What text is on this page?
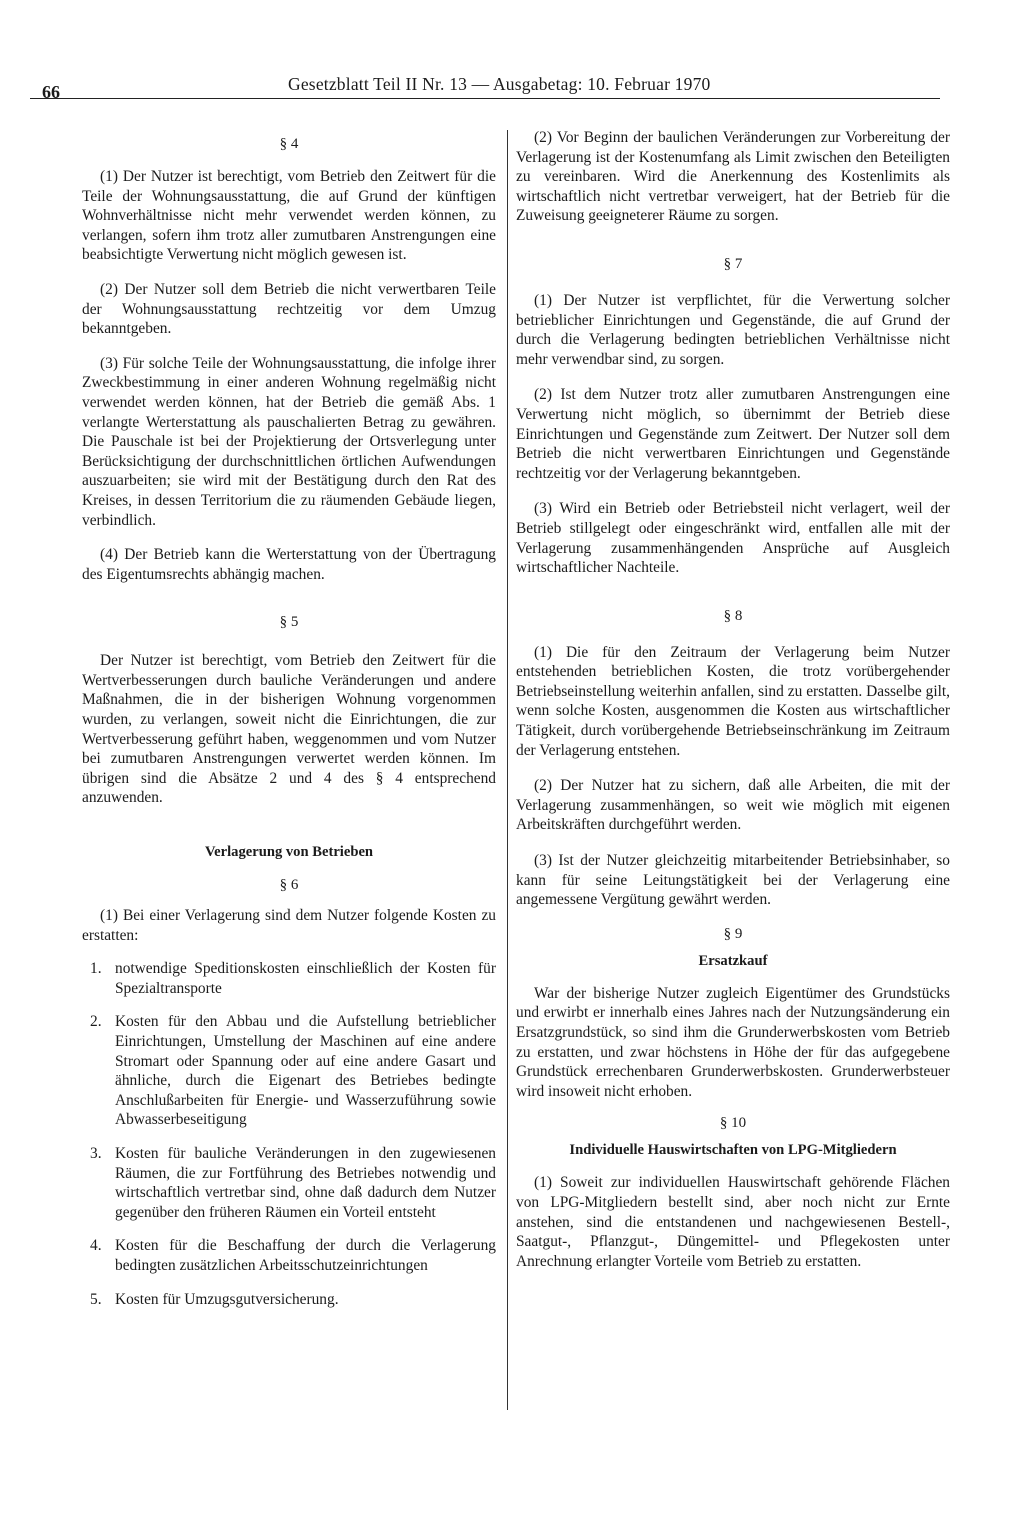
66	Gesetzblatt Teil II Nr. 13 — Ausgabetag: 10. Februar 1970
§ 4

(1) Der Nutzer ist berechtigt, vom Betrieb den Zeitwert für die Teile der Wohnungsausstattung, die auf Grund der künftigen Wohnverhältnisse nicht mehr verwendet werden können, zu verlangen, sofern ihm trotz aller zumutbaren Anstrengungen eine beabsichtigte Verwertung nicht möglich gewesen ist.

(2) Der Nutzer soll dem Betrieb die nicht verwertbaren Teile der Wohnungsausstattung rechtzeitig vor dem Umzug bekanntgeben.

(3) Für solche Teile der Wohnungsausstattung, die infolge ihrer Zweckbestimmung in einer anderen Wohnung regelmäßig nicht verwendet werden können, hat der Betrieb die gemäß Abs. 1 verlangte Werterstattung als pauschalierten Betrag zu gewähren. Die Pauschale ist bei der Projektierung der Ortsverlegung unter Berücksichtigung der durchschnittlichen örtlichen Aufwendungen auszuarbeiten; sie wird mit der Bestätigung durch den Rat des Kreises, in dessen Territorium die zu räumenden Gebäude liegen, verbindlich.

(4) Der Betrieb kann die Werterstattung von der Übertragung des Eigentumsrechts abhängig machen.

§ 5

Der Nutzer ist berechtigt, vom Betrieb den Zeitwert für die Wertverbesserungen durch bauliche Veränderungen und andere Maßnahmen, die in der bisherigen Wohnung vorgenommen wurden, zu verlangen, soweit nicht die Einrichtungen, die zur Wertverbesserung geführt haben, weggenommen und vom Nutzer bei zumutbaren Anstrengungen verwertet werden können. Im übrigen sind die Absätze 2 und 4 des § 4 entsprechend anzuwenden.

Verlagerung von Betrieben
§ 6

(1) Bei einer Verlagerung sind dem Nutzer folgende Kosten zu erstatten:

1. notwendige Speditionskosten einschließlich der Kosten für Spezialtransporte
2. Kosten für den Abbau und die Aufstellung betrieblicher Einrichtungen, Umstellung der Maschinen auf eine andere Stromart oder Spannung oder auf eine andere Gasart und ähnliche, durch die Eigenart des Betriebes bedingte Anschlußarbeiten für Energie- und Wasserzuführung sowie Abwasserbeseitigung
3. Kosten für bauliche Veränderungen in den zugewiesenen Räumen, die zur Fortführung des Betriebes notwendig und wirtschaftlich vertretbar sind, ohne daß dadurch dem Nutzer gegenüber den früheren Räumen ein Vorteil entsteht
4. Kosten für die Beschaffung der durch die Verlagerung bedingten zusätzlichen Arbeitsschutzeinrichtungen
5. Kosten für Umzugsgutversicherung.

(2) Vor Beginn der baulichen Veränderungen zur Vorbereitung der Verlagerung ist der Kostenumfang als Limit zwischen den Beteiligten zu vereinbaren. Wird die Anerkennung des Kostenlimits als wirtschaftlich nicht vertretbar verweigert, hat der Betrieb für die Zuweisung geeigneterer Räume zu sorgen.

§ 7

(1) Der Nutzer ist verpflichtet, für die Verwertung solcher betrieblicher Einrichtungen und Gegenstände, die auf Grund der durch die Verlagerung bedingten betrieblichen Verhältnisse nicht mehr verwendbar sind, zu sorgen.

(2) Ist dem Nutzer trotz aller zumutbaren Anstrengungen eine Verwertung nicht möglich, so übernimmt der Betrieb diese Einrichtungen und Gegenstände zum Zeitwert. Der Nutzer soll dem Betrieb die nicht verwertbaren Einrichtungen und Gegenstände rechtzeitig vor der Verlagerung bekanntgeben.

(3) Wird ein Betrieb oder Betriebsteil nicht verlagert, weil der Betrieb stillgelegt oder eingeschränkt wird, entfallen alle mit der Verlagerung zusammenhängenden Ansprüche auf Ausgleich wirtschaftlicher Nachteile.

§ 8

(1) Die für den Zeitraum der Verlagerung beim Nutzer entstehenden betrieblichen Kosten, die trotz vorübergehender Betriebseinstellung weiterhin anfallen, sind zu erstatten. Dasselbe gilt, wenn solche Kosten, ausgenommen die Kosten aus wirtschaftlicher Tätigkeit, durch vorübergehende Betriebseinschränkung im Zeitraum der Verlagerung entstehen.

(2) Der Nutzer hat zu sichern, daß alle Arbeiten, die mit der Verlagerung zusammenhängen, so weit wie möglich mit eigenen Arbeitskräften durchgeführt werden.

(3) Ist der Nutzer gleichzeitig mitarbeitender Betriebsinhaber, so kann für seine Leitungstätigkeit bei der Verlagerung eine angemessene Vergütung gewährt werden.

§ 9
Ersatzkauf

War der bisherige Nutzer zugleich Eigentümer des Grundstücks und erwirbt er innerhalb eines Jahres nach der Nutzungsänderung ein Ersatzgrundstück, so sind ihm die Grunderwerbskosten vom Betrieb zu erstatten, und zwar höchstens in Höhe der für das aufgegebene Grundstück errechenbaren Grunderwerbskosten. Grunderwerbsteuer wird insoweit nicht erhoben.

§ 10
Individuelle Hauswirtschaften von LPG-Mitgliedern

(1) Soweit zur individuellen Hauswirtschaft gehörende Flächen von LPG-Mitgliedern bestellt sind, aber noch nicht zur Ernte anstehen, sind die entstandenen und nachgewiesenen Bestell-, Saatgut-, Pflanzgut-, Düngemittel- und Pflegekosten unter Anrechnung erlangter Vorteile vom Betrieb zu erstatten.
